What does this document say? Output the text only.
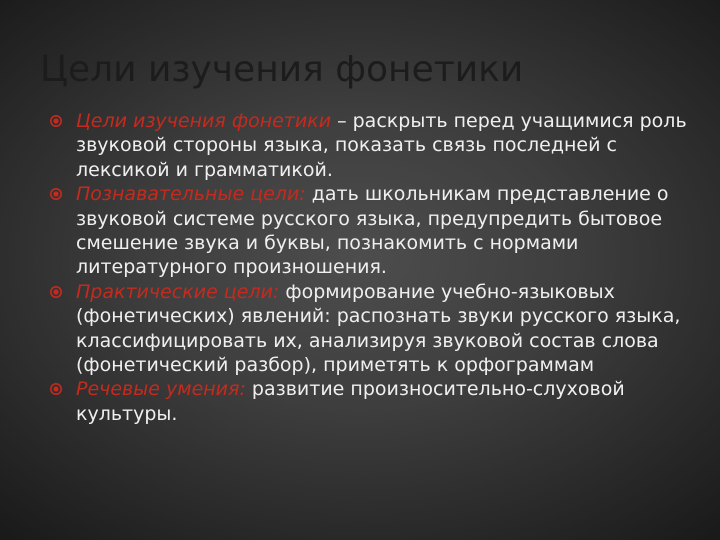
Цели изучения фонетики
Цели изучения фонетики – раскрыть перед учащимися роль звуковой стороны языка, показать связь последней с лексикой и грамматикой.
Познавательные цели: дать школьникам представление о звуковой системе русского языка, предупредить бытовое смешение звука и буквы, познакомить с нормами литературного произношения.
Практические цели: формирование учебно-языковых (фонетических) явлений: распознать звуки русского языка, классифицировать их, анализируя звуковой состав слова (фонетический разбор), приметять к орфограммам
Речевые умения: развитие произносительно-слуховой культуры.
